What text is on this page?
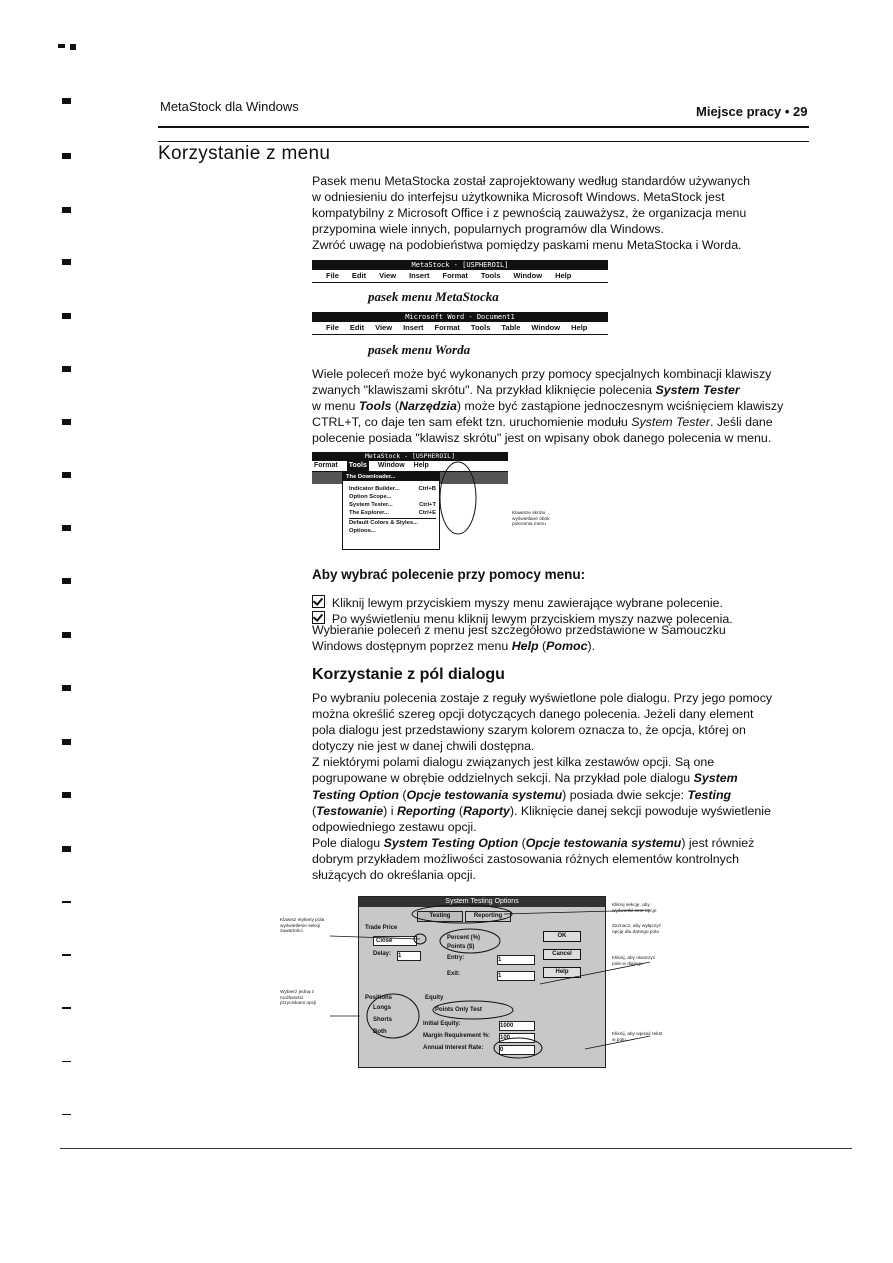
MetaStock dla Windows	Miejsce pracy • 29
Korzystanie z menu

Pasek menu MetaStocka został zaprojektowany według standardów używanych

w odniesieniu do interfejsu użytkownika Microsoft Windows. MetaStock jest

kompatybilny z Microsoft Office i z pewnością zauważysz, że organizacja menu

przypomina wiele innych, popularnych programów dla Windows.

Zwróć uwagę na podobieństwa pomiędzy paskami menu MetaStocka i Worda.

MetaStock - [USPHEROIL]
File Edit View Insert Format Tools Window Help
pasek menu MetaStocka
Microsoft Word - Document1
File Edit View Insert Format Tools Table Window Help
pasek menu Worda

Wiele poleceń może być wykonanych przy pomocy specjalnych kombinacji klawiszy

zwanych "klawiszami skrótu". Na przykład kliknięcie polecenia System Tester

w menu Tools (Narzędzia) może być zastąpione jednoczesnym wciśnięciem klawiszy

CTRL+T, co daje ten sam efekt tzn. uruchomienie modułu System Tester. Jeśli dane

polecenie posiada "klawisz skrótu" jest on wpisany obok danego polecenia w menu.

MetaStock - [USPHEROIL]
Format Tools Window Help
The Downloader...
Indicator Builder...	Ctrl+B
Option Scope...
System Tester...	Ctrl+T
The Explorer...	Ctrl+E
Default Colors & Styles...
Options...
Klawisze skrótu wyświetlane obok polecenia menu
Aby wybrać polecenie przy pomocy menu:

Kliknij lewym przyciskiem myszy menu zawierające wybrane polecenie.

Po wyświetleniu menu kliknij lewym przyciskiem myszy nazwę polecenia.

Wybieranie poleceń z menu jest szczegółowo przedstawione w Samouczku

Windows dostępnym poprzez menu Help (Pomoc).

Korzystanie z pól dialogu

Po wybraniu polecenia zostaje z reguły wyświetlone pole dialogu. Przy jego pomocy

można określić szereg opcji dotyczących danego polecenia. Jeżeli dany element

pola dialogu jest przedstawiony szarym kolorem oznacza to, że opcja, której on

dotyczy nie jest w danej chwili dostępna.

Z niektórymi polami dialogu związanych jest kilka zestawów opcji. Są one

pogrupowane w obrębie oddzielnych sekcji. Na przykład pole dialogu System

Testing Option (Opcje testowania systemu) posiada dwie sekcje: Testing

(Testowanie) i Reporting (Raporty). Kliknięcie danej sekcji powoduje wyświetlenie

odpowiedniego zestawu opcji.

Pole dialogu System Testing Option (Opcje testowania systemu) jest również

dobrym przykładem możliwości zastosowania różnych elementów kontrolnych

służących do określania opcji.

System Testing Options
Testing	Reporting
Trade Price
Close
Delay: 1
Percent (%)
Points ($)
Entry:	1
Exit:	1
OK
Cancel
Help
Positions
Longs
Shorts
Both
Equity
Points Only Test
Initial Equity:	1000
Margin Requirement %: 100
Annual Interest Rate:	0
Klawisz etykiety pola wyświetlenie sekcji zawartości
Wybierz jedną z możliwości przyciskami opcji
Kliknij sekcję, aby wyświetlić inne opcje
Zaznacz, aby wyłączyć opcję dla danego pola
Kliknij, aby otworzyć pole w dialogu
Kliknij, aby wpisać tekst w polu
